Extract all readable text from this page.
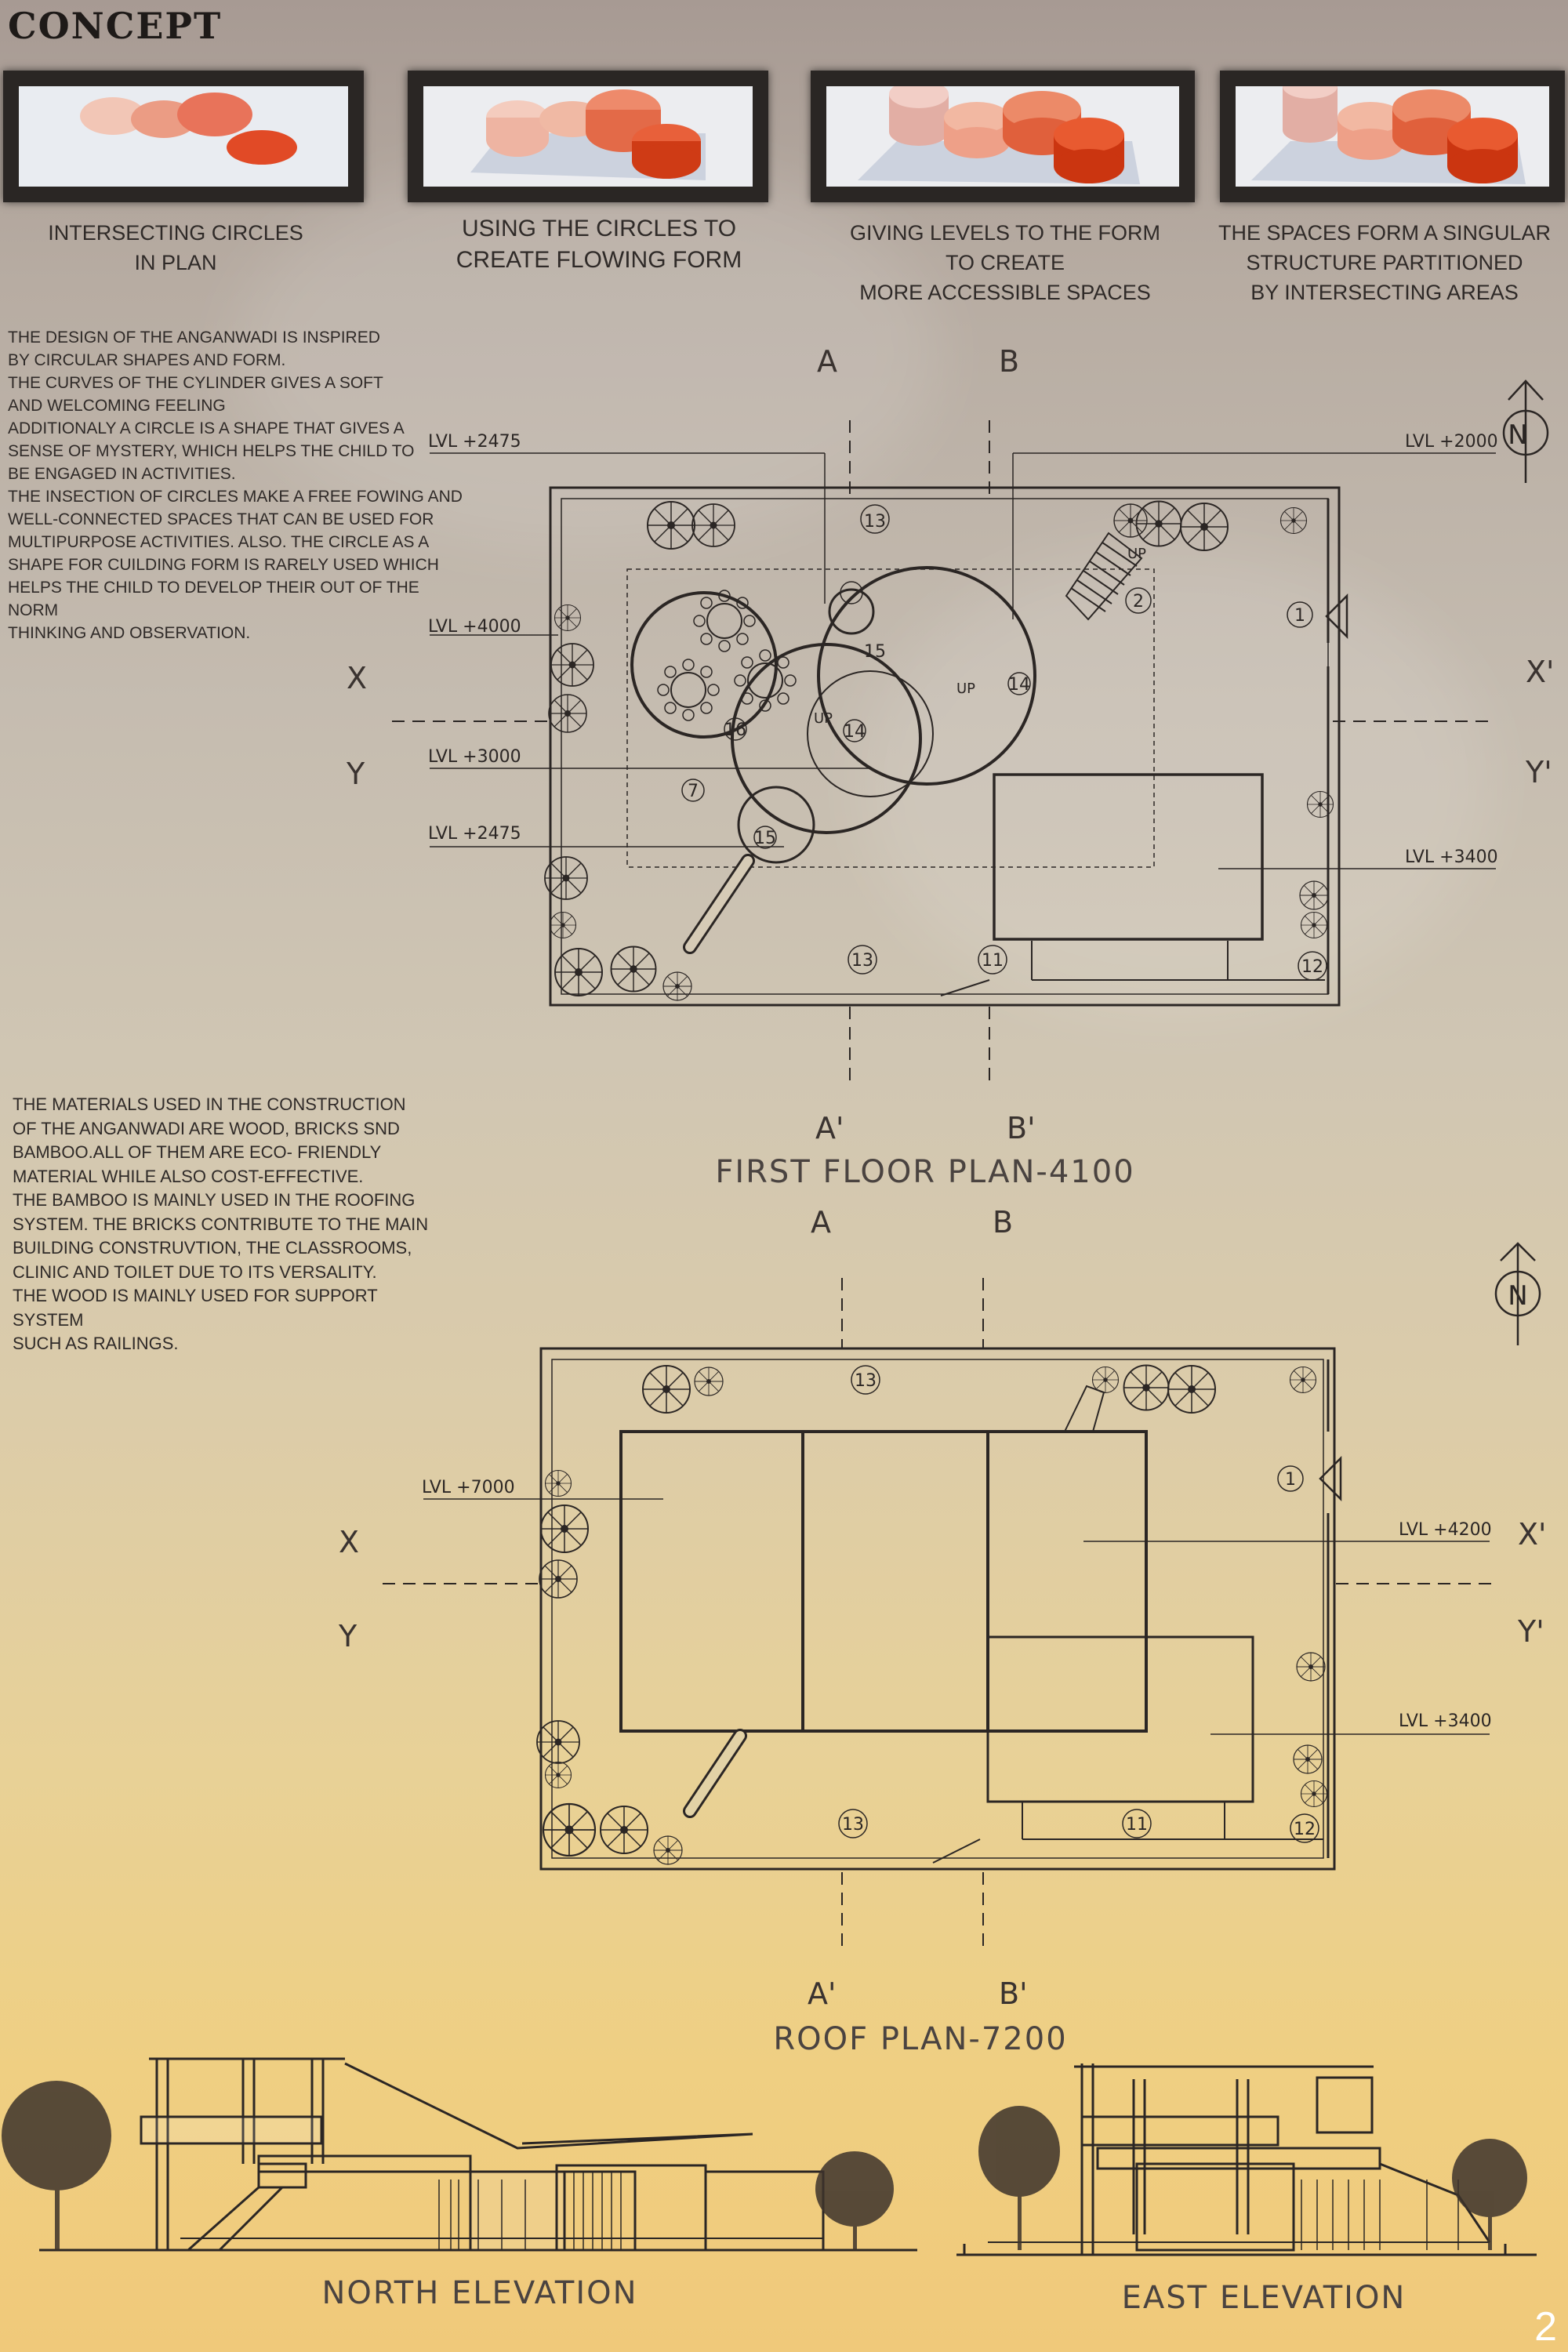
CONCEPT
INTERSECTING CIRCLES
IN PLAN
USING THE CIRCLES TO
CREATE FLOWING FORM
GIVING LEVELS TO THE FORM
TO CREATE
MORE ACCESSIBLE SPACES
THE SPACES FORM A SINGULAR
STRUCTURE PARTITIONED
BY INTERSECTING AREAS
THE DESIGN OF THE ANGANWADI IS INSPIRED
BY CIRCULAR SHAPES AND FORM.
THE CURVES OF THE CYLINDER GIVES A SOFT
AND WELCOMING FEELING
ADDITIONALY A CIRCLE IS A SHAPE THAT GIVES A
SENSE OF MYSTERY, WHICH HELPS THE CHILD TO
BE ENGAGED IN ACTIVITIES.
THE INSECTION OF CIRCLES MAKE A FREE FOWING AND
WELL-CONNECTED SPACES THAT CAN BE USED FOR
MULTIPURPOSE ACTIVITIES. ALSO. THE CIRCLE AS A
SHAPE FOR CUILDING FORM IS RARELY USED WHICH
HELPS THE CHILD TO DEVELOP THEIR OUT OF THE NORM
THINKING AND OBSERVATION.
THE MATERIALS USED IN THE CONSTRUCTION
OF THE ANGANWADI ARE WOOD, BRICKS SND
BAMBOO.ALL OF THEM ARE ECO- FRIENDLY
MATERIAL WHILE ALSO COST-EFFECTIVE.
THE BAMBOO IS MAINLY USED IN THE ROOFING
SYSTEM. THE BRICKS CONTRIBUTE TO THE MAIN
BUILDING CONSTRUVTION, THE CLASSROOMS,
CLINIC AND TOILET DUE TO ITS VERSALITY.
THE WOOD IS MAINLY USED FOR SUPPORT SYSTEM
SUCH AS RAILINGS.
LVL +2475
LVL +4000
LVL +3000
LVL +2475
LVL +2000
LVL +3400
A	B
A'	B'
X
Y
X'
Y'
N
15
15
13
13
2
1
14
14
16
7
11	12
UP
UP
UP
FIRST FLOOR PLAN-4100
LVL +7000
LVL +4200
LVL +3400
A	B
A'	B'
X
Y
X'
Y'
N
13
13
1
11	12
ROOF PLAN-7200
NORTH ELEVATION	EAST ELEVATION
2
